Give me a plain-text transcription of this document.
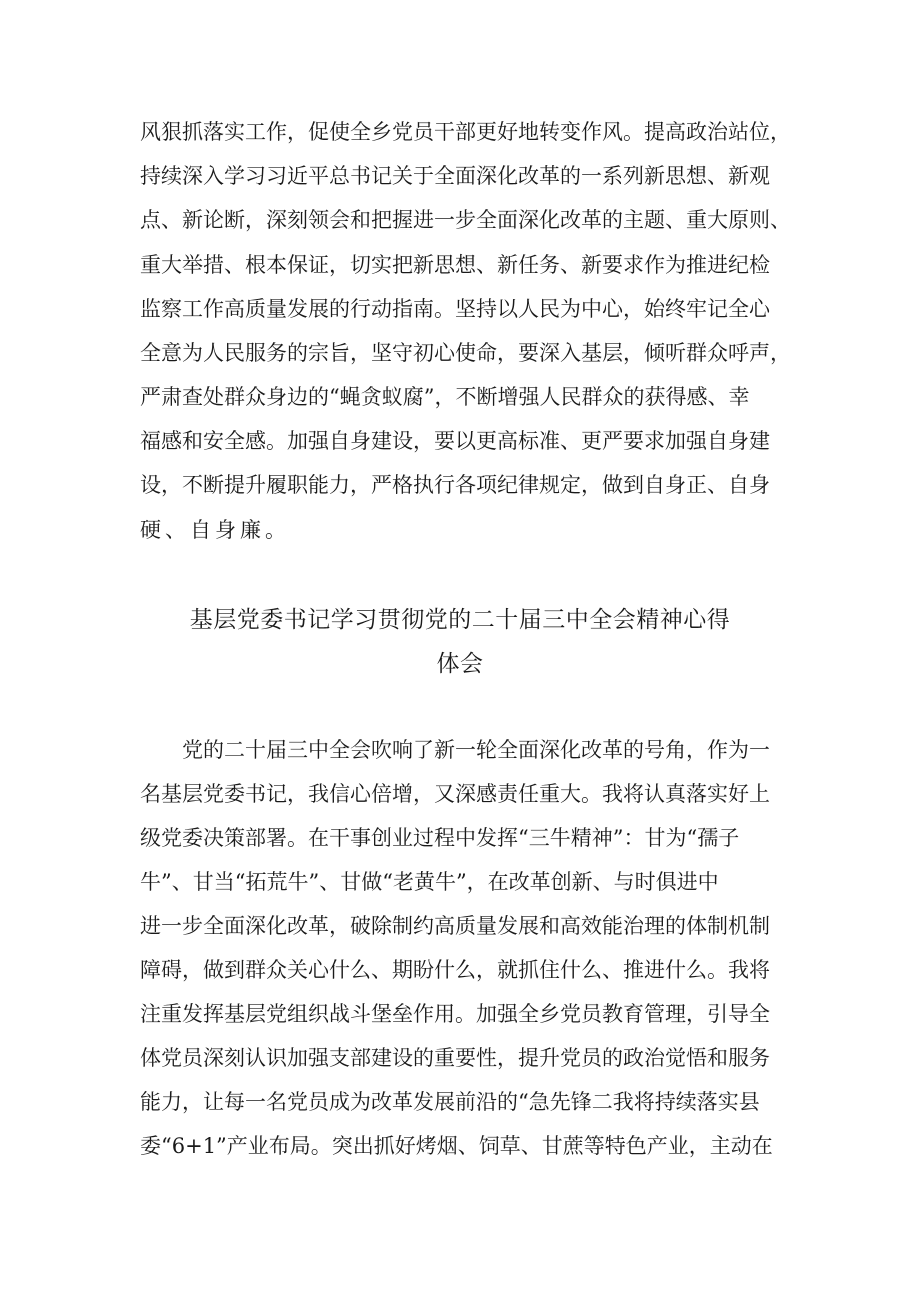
风狠抓落实工作，促使全乡党员干部更好地转变作风。提高政治站位，
持续深入学习习近平总书记关于全面深化改革的一系列新思想、新观
点、新论断，深刻领会和把握进一步全面深化改革的主题、重大原则、
重大举措、根本保证，切实把新思想、新任务、新要求作为推进纪检
监察工作高质量发展的行动指南。坚持以人民为中心，始终牢记全心
全意为人民服务的宗旨，坚守初心使命，要深入基层，倾听群众呼声，
严肃查处群众身边的“蝇贪蚁腐”，不断增强人民群众的获得感、幸
福感和安全感。加强自身建设，要以更高标准、更严要求加强自身建
设，不断提升履职能力，严格执行各项纪律规定，做到自身正、自身
硬、自身廉。
基层党委书记学习贯彻党的二十届三中全会精神心得
体会
党的二十届三中全会吹响了新一轮全面深化改革的号角，作为一
名基层党委书记，我信心倍增，又深感责任重大。我将认真落实好上
级党委决策部署。在干事创业过程中发挥“三牛精神”：甘为“孺子
牛”、甘当“拓荒牛”、甘做“老黄牛”，在改革创新、与时俱进中
进一步全面深化改革，破除制约高质量发展和高效能治理的体制机制
障碍，做到群众关心什么、期盼什么，就抓住什么、推进什么。我将
注重发挥基层党组织战斗堡垒作用。加强全乡党员教育管理，引导全
体党员深刻认识加强支部建设的重要性，提升党员的政治觉悟和服务
能力，让每一名党员成为改革发展前沿的“急先锋二我将持续落实县
委“6+1”产业布局。突出抓好烤烟、饲草、甘蔗等特色产业，主动在
